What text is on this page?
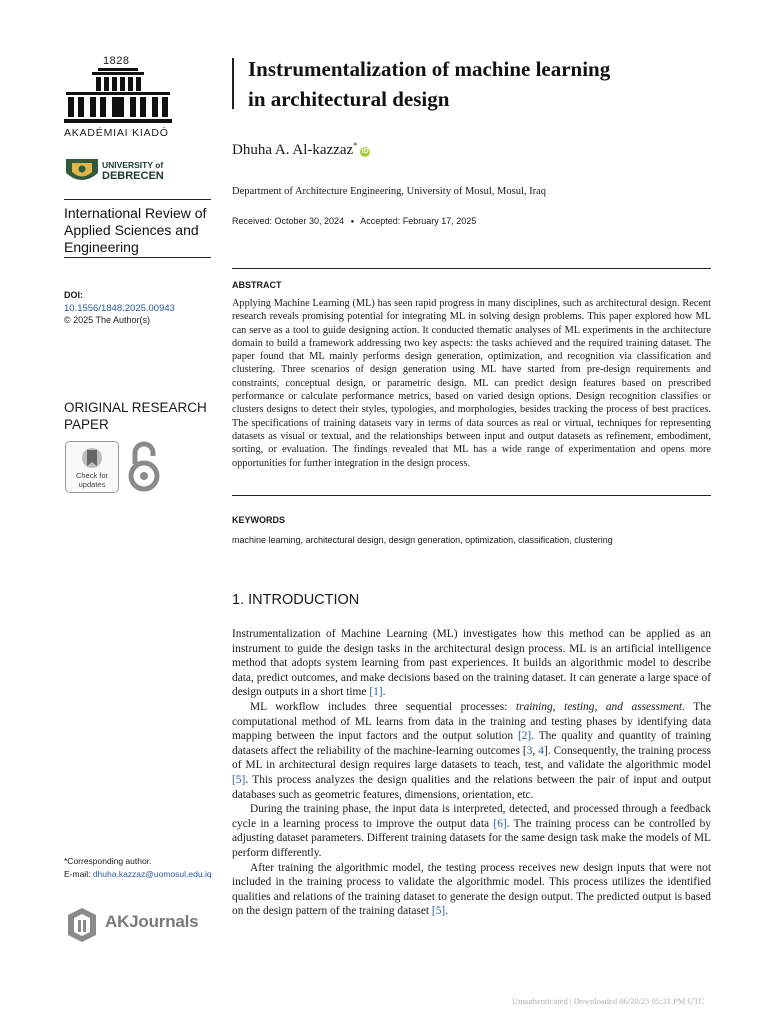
1828
AKADÉMIAI KIADÓ
UNIVERSITY of
DEBRECEN
International Review of Applied Sciences and Engineering
DOI:
10.1556/1848.2025.00943
© 2025 The Author(s)
ORIGINAL RESEARCH PAPER
Check for
updates
*Corresponding author.
E-mail: dhuha.kazzaz@uomosul.edu.iq
AKJournals
Instrumentalization of machine learning
in architectural design
Dhuha A. Al-kazzaz*iD
Department of Architecture Engineering, University of Mosul, Mosul, Iraq
Received: October 30, 2024 ● Accepted: February 17, 2025
ABSTRACT

Applying Machine Learning (ML) has seen rapid progress in many disciplines, such as architectural design. Recent research reveals promising potential for integrating ML in solving design problems. This paper explored how ML can serve as a tool to guide designing action. It conducted thematic analyses of ML experiments in the architecture domain to build a framework addressing two key aspects: the tasks achieved and the required training dataset. The paper found that ML mainly performs design generation, optimization, and recognition via classification and clustering. Three scenarios of design generation using ML have started from pre-design requirements and constraints, conceptual design, or parametric design. ML can predict design features based on prescribed performance or calculate performance metrics, based on varied design options. Design recognition classifies or clusters designs to detect their styles, typologies, and morphologies, besides tracking the process of best practices. The specifications of training datasets vary in terms of data sources as real or virtual, techniques for representing datasets as visual or textual, and the relationships between input and output datasets as refinement, embodiment, sorting, or evaluation. The findings revealed that ML has a wide range of experimentation and opens more opportunities for further integration in the design process.

KEYWORDS
machine learning, architectural design, design generation, optimization, classification, clustering
1. INTRODUCTION

Instrumentalization of Machine Learning (ML) investigates how this method can be applied as an instrument to guide the design tasks in the architectural design process. ML is an artificial intelligence method that adopts system learning from past experiences. It builds an algorithmic model to describe data, predict outcomes, and make decisions based on the training dataset. It can generate a large space of design outputs in a short time [1].

ML workflow includes three sequential processes: training, testing, and assessment. The computational method of ML learns from data in the training and testing phases by identifying data mapping between the input factors and the output solution [2]. The quality and quantity of training datasets affect the reliability of the machine-learning outcomes [3, 4]. Consequently, the training process of ML in architectural design requires large datasets to teach, test, and validate the algorithmic model [5]. This process analyzes the design qualities and the relations between the pair of input and output databases such as geometric features, dimensions, orientation, etc.

During the training phase, the input data is interpreted, detected, and processed through a feedback cycle in a learning process to improve the output data [6]. The training process can be controlled by adjusting dataset parameters. Different training datasets for the same design task make the models of ML perform differently.

After training the algorithmic model, the testing process receives new design inputs that were not included in the training process to validate the algorithmic model. This process utilizes the identified qualities and relations of the training dataset to generate the design output. The predicted output is based on the design pattern of the training dataset [5].

Unauthenticated | Downloaded 06/20/25 05:31 PM UTC
